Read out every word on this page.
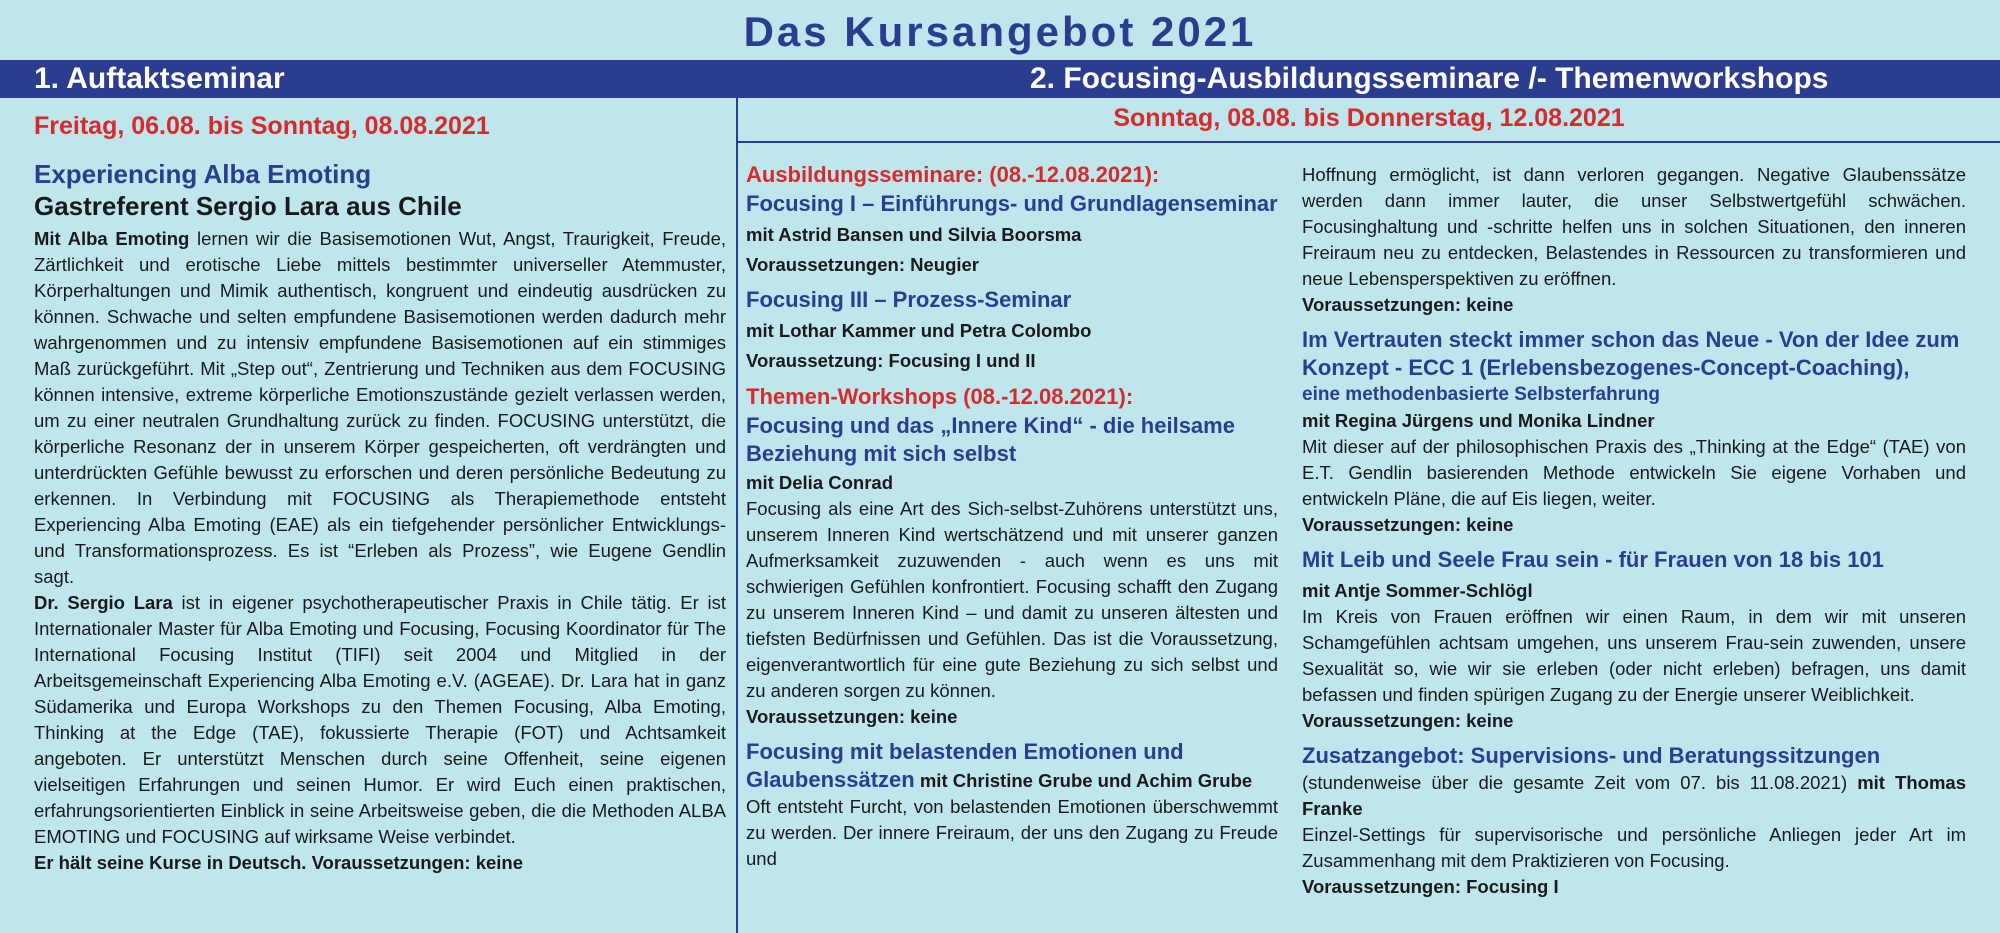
Das Kursangebot 2021
1. Auftaktseminar	2. Focusing-Ausbildungsseminare /- Themenworkshops
Freitag, 06.08. bis Sonntag, 08.08.2021	Sonntag, 08.08. bis Donnerstag, 12.08.2021
Experiencing Alba Emoting
Gastreferent Sergio Lara aus Chile

Mit Alba Emoting lernen wir die Basisemotionen Wut, Angst, Traurigkeit, Freude, Zärtlichkeit und erotische Liebe mittels bestimmter universeller Atemmuster, Körperhaltungen und Mimik authentisch, kongruent und eindeutig ausdrücken zu können. Schwache und selten empfundene Basisemotionen werden dadurch mehr wahrgenommen und zu intensiv empfundene Basisemotionen auf ein stimmiges Maß zurückgeführt. Mit „Step out“, Zentrierung und Techniken aus dem FOCUSING können intensive, extreme körperliche Emotionszustände gezielt verlassen werden, um zu einer neutralen Grundhaltung zurück zu finden. FOCUSING unterstützt, die körperliche Resonanz der in unserem Körper gespeicherten, oft verdrängten und unterdrückten Gefühle bewusst zu erforschen und deren persönliche Bedeutung zu erkennen. In Verbindung mit FOCUSING als Therapiemethode entsteht Experiencing Alba Emoting (EAE) als ein tiefgehender persönlicher Entwicklungs- und Transformationsprozess. Es ist “Erleben als Prozess”, wie Eugene Gendlin sagt.

Dr. Sergio Lara ist in eigener psychotherapeutischer Praxis in Chile tätig. Er ist Internationaler Master für Alba Emoting und Focusing, Focusing Koordinator für The International Focusing Institut (TIFI) seit 2004 und Mitglied in der Arbeitsgemeinschaft Experiencing Alba Emoting e.V. (AGEAE). Dr. Lara hat in ganz Südamerika und Europa Workshops zu den Themen Focusing, Alba Emoting, Thinking at the Edge (TAE), fokussierte Therapie (FOT) und Achtsamkeit angeboten. Er unterstützt Menschen durch seine Offenheit, seine eigenen vielseitigen Erfahrungen und seinen Humor. Er wird Euch einen praktischen, erfahrungsorientierten Einblick in seine Arbeitsweise geben, die die Methoden ALBA EMOTING und FOCUSING auf wirksame Weise verbindet.

Er hält seine Kurse in Deutsch. Voraussetzungen: keine

Ausbildungsseminare: (08.-12.08.2021):
Focusing I – Einführungs- und Grundlagenseminar
mit Astrid Bansen und Silvia Boorsma
Voraussetzungen: Neugier
Focusing III – Prozess-Seminar
mit Lothar Kammer und Petra Colombo
Voraussetzung: Focusing I und II
Themen-Workshops (08.-12.08.2021):
Focusing und das „Innere Kind“ - die heilsame Beziehung mit sich selbst
mit Delia Conrad

Focusing als eine Art des Sich-selbst-Zuhörens unterstützt uns, unserem Inneren Kind wertschätzend und mit unserer ganzen Aufmerksamkeit zuzuwenden - auch wenn es uns mit schwierigen Gefühlen konfrontiert. Focusing schafft den Zugang zu unserem Inneren Kind – und damit zu unseren ältesten und tiefsten Bedürfnissen und Gefühlen. Das ist die Voraussetzung, eigenverantwortlich für eine gute Beziehung zu sich selbst und zu anderen sorgen zu können.

Voraussetzungen: keine
Focusing mit belastenden Emotionen und Glaubenssätzen mit Christine Grube und Achim Grube

Oft entsteht Furcht, von belastenden Emotionen überschwemmt zu werden. Der innere Freiraum, der uns den Zugang zu Freude und

Hoffnung ermöglicht, ist dann verloren gegangen. Negative Glaubenssätze werden dann immer lauter, die unser Selbstwertgefühl schwächen. Focusinghaltung und -schritte helfen uns in solchen Situationen, den inneren Freiraum neu zu entdecken, Belastendes in Ressourcen zu transformieren und neue Lebensperspektiven zu eröffnen.

Voraussetzungen: keine
Im Vertrauten steckt immer schon das Neue - Von der Idee zum Konzept - ECC 1 (Erlebensbezogenes-Concept-Coaching),
eine methodenbasierte Selbsterfahrung
mit Regina Jürgens und Monika Lindner

Mit dieser auf der philosophischen Praxis des „Thinking at the Edge“ (TAE) von E.T. Gendlin basierenden Methode entwickeln Sie eigene Vorhaben und entwickeln Pläne, die auf Eis liegen, weiter.

Voraussetzungen: keine
Mit Leib und Seele Frau sein - für Frauen von 18 bis 101
mit Antje Sommer-Schlögl

Im Kreis von Frauen eröffnen wir einen Raum, in dem wir mit unseren Schamgefühlen achtsam umgehen, uns unserem Frau-sein zuwenden, unsere Sexualität so, wie wir sie erleben (oder nicht erleben) befragen, uns damit befassen und finden spürigen Zugang zu der Energie unserer Weiblichkeit.

Voraussetzungen: keine
Zusatzangebot: Supervisions- und Beratungssitzungen

(stundenweise über die gesamte Zeit vom 07. bis 11.08.2021) mit Thomas Franke

Einzel-Settings für supervisorische und persönliche Anliegen jeder Art im Zusammenhang mit dem Praktizieren von Focusing.

Voraussetzungen: Focusing I
